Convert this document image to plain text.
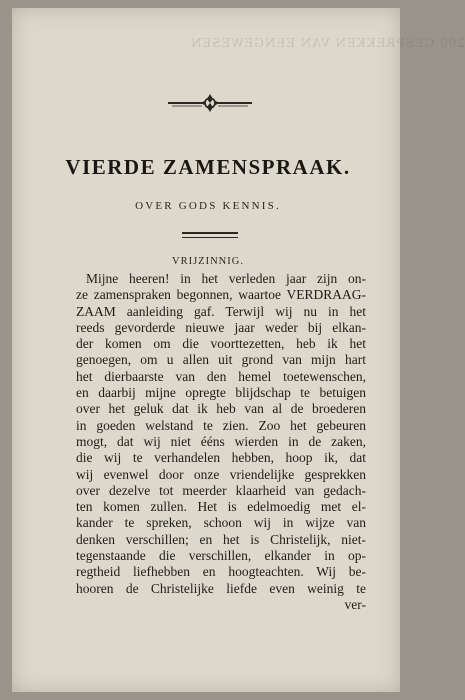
200 GESPREKKEN VAN EENGEWESEN
VIERDE ZAMENSPRAAK.
OVER GODS KENNIS.
VRIJZINNIG.
Mijne heeren! in het verleden jaar zijn on-
ze zamenspraken begonnen, waartoe VERDRAAG-
ZAAM aanleiding gaf. Terwijl wij nu in het
reeds gevorderde nieuwe jaar weder bij elkan-
der komen om die voorttezetten, heb ik het
genoegen, om u allen uit grond van mijn hart
het dierbaarste van den hemel toetewenschen,
en daarbij mijne opregte blijdschap te betuigen
over het geluk dat ik heb van al de broederen
in goeden welstand te zien. Zoo het gebeuren
mogt, dat wij niet ééns wierden in de zaken,
die wij te verhandelen hebben, hoop ik, dat
wij evenwel door onze vriendelijke gesprekken
over dezelve tot meerder klaarheid van gedach-
ten komen zullen. Het is edelmoedig met el-
kander te spreken, schoon wij in wijze van
denken verschillen; en het is Christelijk, niet-
tegenstaande die verschillen, elkander in op-
regtheid liefhebben en hoogteachten. Wij be-
hooren de Christelijke liefde even weinig te
ver-
